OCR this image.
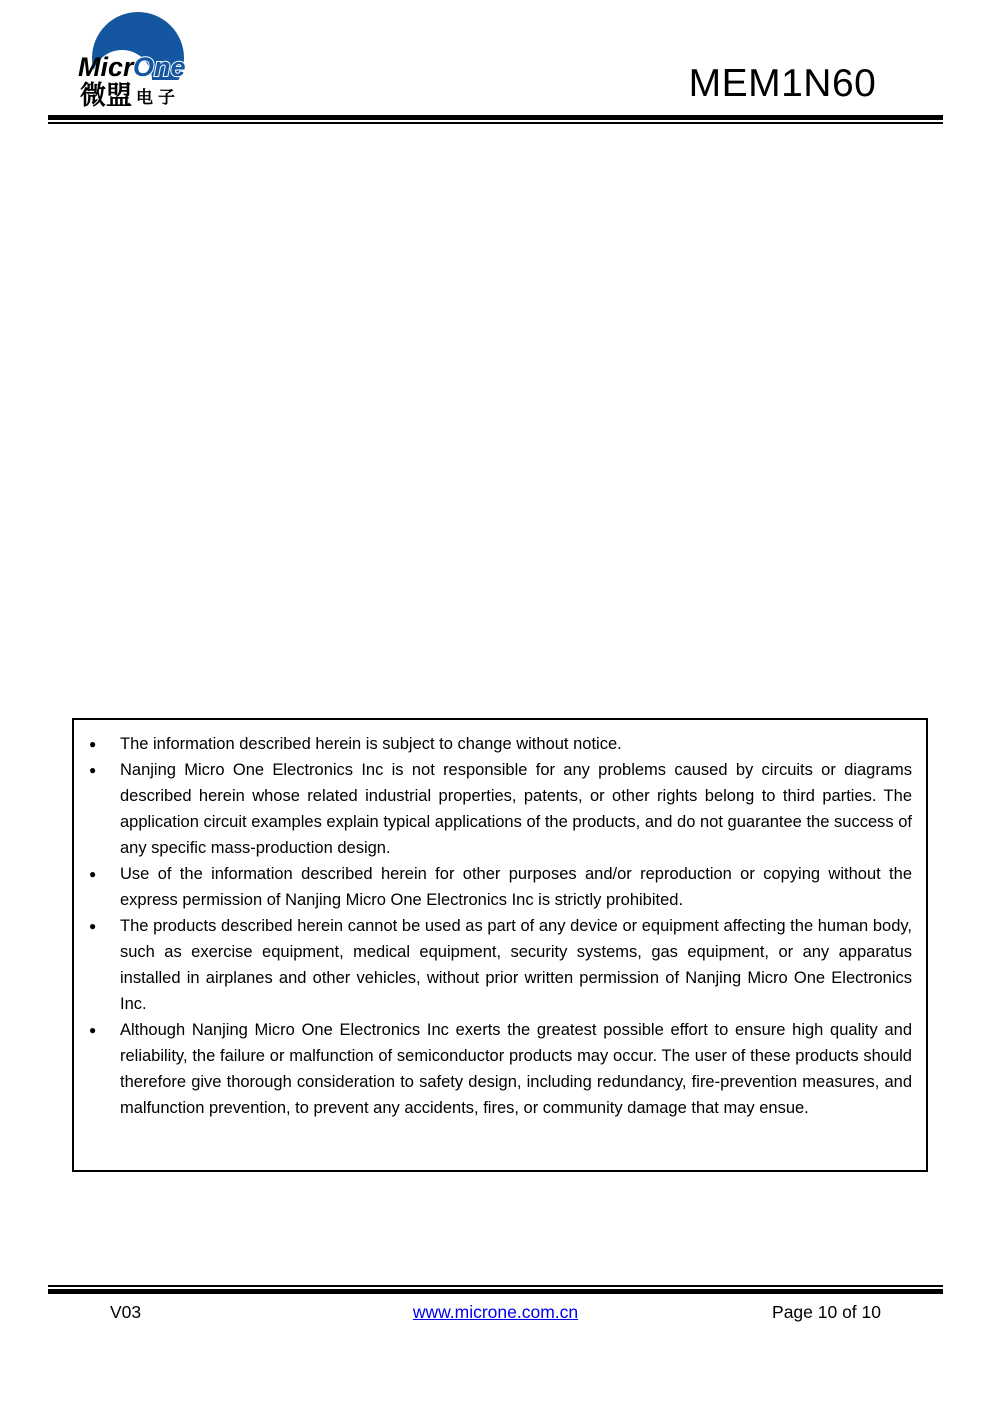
Micr One
微盟 电子	MEM1N60
● The information described herein is subject to change without notice.
● Nanjing Micro One Electronics Inc is not responsible for any problems caused by circuits or diagrams described herein whose related industrial properties, patents, or other rights belong to third parties. The application circuit examples explain typical applications of the products, and do not guarantee the success of any specific mass-production design.
● Use of the information described herein for other purposes and/or reproduction or copying without the express permission of Nanjing Micro One Electronics Inc is strictly prohibited.
● The products described herein cannot be used as part of any device or equipment affecting the human body, such as exercise equipment, medical equipment, security systems, gas equipment, or any apparatus installed in airplanes and other vehicles, without prior written permission of Nanjing Micro One Electronics Inc.
● Although Nanjing Micro One Electronics Inc exerts the greatest possible effort to ensure high quality and reliability, the failure or malfunction of semiconductor products may occur. The user of these products should therefore give thorough consideration to safety design, including redundancy, fire-prevention measures, and malfunction prevention, to prevent any accidents, fires, or community damage that may ensue.
V03	www.microne.com.cn	Page 10 of 10
